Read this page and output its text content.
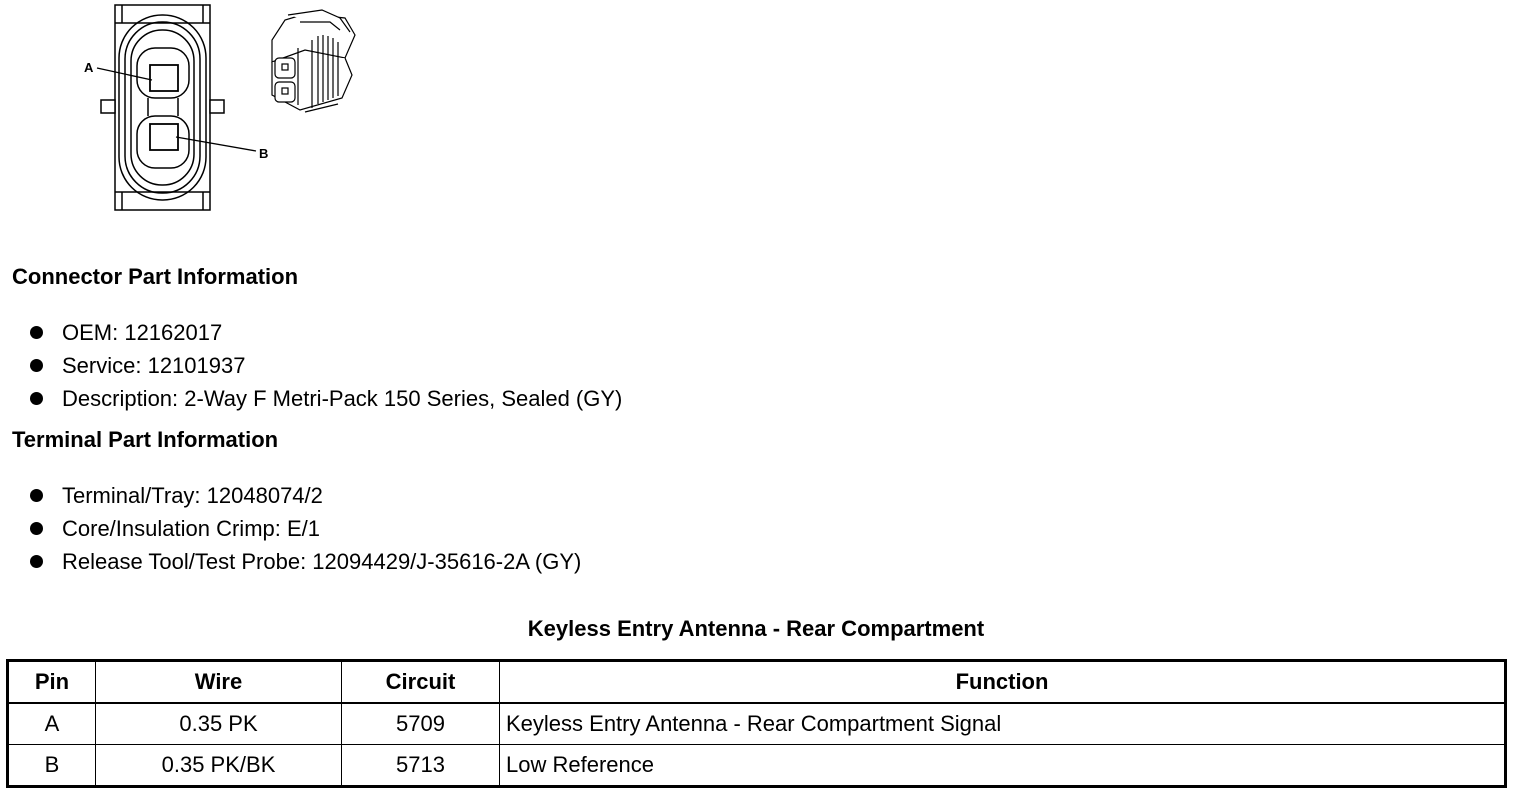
A
B
Connector Part Information
OEM: 12162017
Service: 12101937
Description: 2-Way F Metri-Pack 150 Series, Sealed (GY)
Terminal Part Information
Terminal/Tray: 12048074/2
Core/Insulation Crimp: E/1
Release Tool/Test Probe: 12094429/J-35616-2A (GY)
Keyless Entry Antenna - Rear Compartment
Pin	Wire	Circuit	Function
A	0.35 PK	5709	Keyless Entry Antenna - Rear Compartment Signal
B	0.35 PK/BK	5713	Low Reference
